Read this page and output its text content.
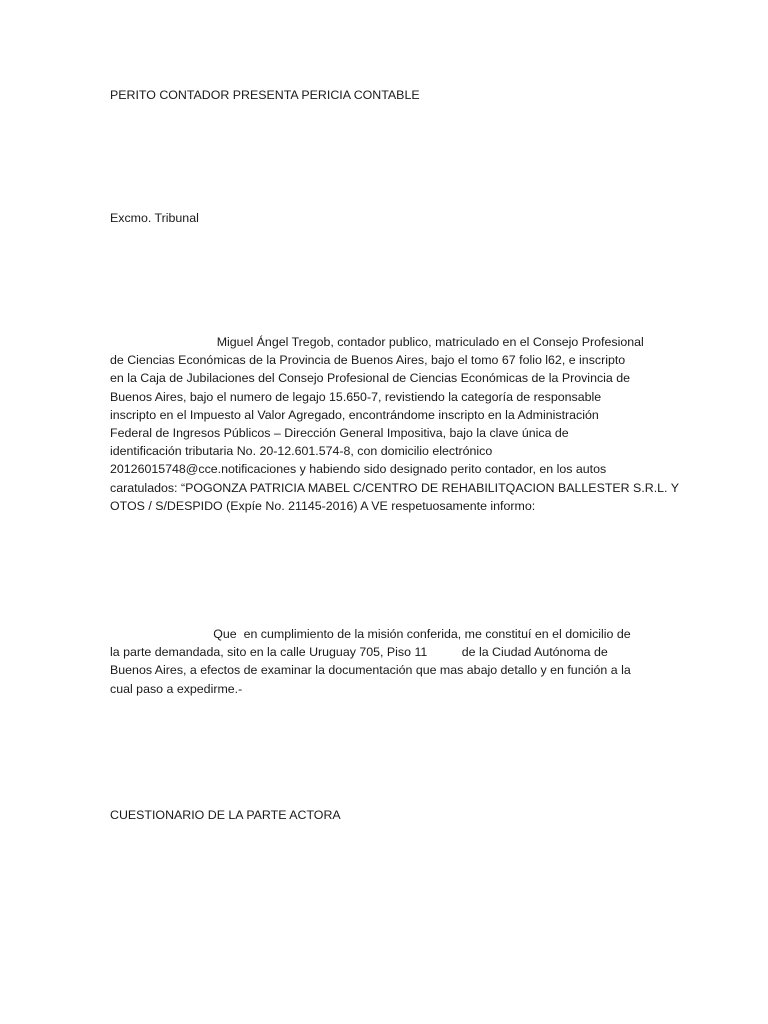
PERITO CONTADOR PRESENTA PERICIA CONTABLE
Excmo. Tribunal
Miguel Ángel Tregob, contador publico, matriculado en el Consejo Profesional
de Ciencias Económicas de la Provincia de Buenos Aires, bajo el tomo 67 folio l62, e inscripto
en la Caja de Jubilaciones del Consejo Profesional de Ciencias Económicas de la Provincia de
Buenos Aires, bajo el numero de legajo 15.650-7, revistiendo la categoría de responsable
inscripto en el Impuesto al Valor Agregado, encontrándome inscripto en la Administración
Federal de Ingresos Públicos – Dirección General Impositiva, bajo la clave única de
identificación tributaria No. 20-12.601.574-8, con domicilio electrónico
20126015748@cce.notificaciones y habiendo sido designado perito contador, en los autos
caratulados: “POGONZA PATRICIA MABEL C/CENTRO DE REHABILITQACION BALLESTER S.R.L. Y
OTOS / S/DESPIDO (Expíe No. 21145-2016) A VE respetuosamente informo:
Que  en cumplimiento de la misión conferida, me constituí en el domicilio de
la parte demandada, sito en la calle Uruguay 705, Piso 11          de la Ciudad Autónoma de
Buenos Aires, a efectos de examinar la documentación que mas abajo detallo y en función a la
cual paso a expedirme.-
CUESTIONARIO DE LA PARTE ACTORA
